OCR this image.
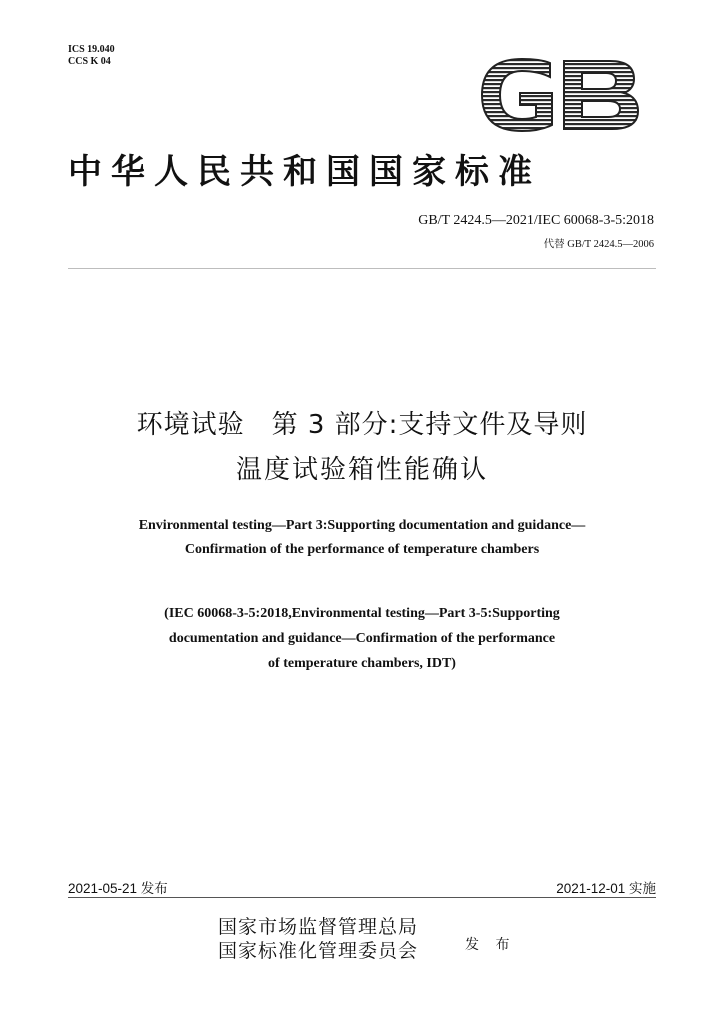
ICS 19.040
CCS K 04
中华人民共和国国家标准
GB/T 2424.5—2021/IEC 60068-3-5:2018
代替 GB/T 2424.5—2006
环境试验　第 3 部分:支持文件及导则
温度试验箱性能确认
Environmental testing—Part 3:Supporting documentation and guidance—
Confirmation of the performance of temperature chambers
(IEC 60068-3-5:2018,Environmental testing—Part 3-5:Supporting
documentation and guidance—Confirmation of the performance
of temperature chambers, IDT)
2021-05-21 发布	2021-12-01 实施
国家市场监督管理总局
国家标准化管理委员会	发 布
